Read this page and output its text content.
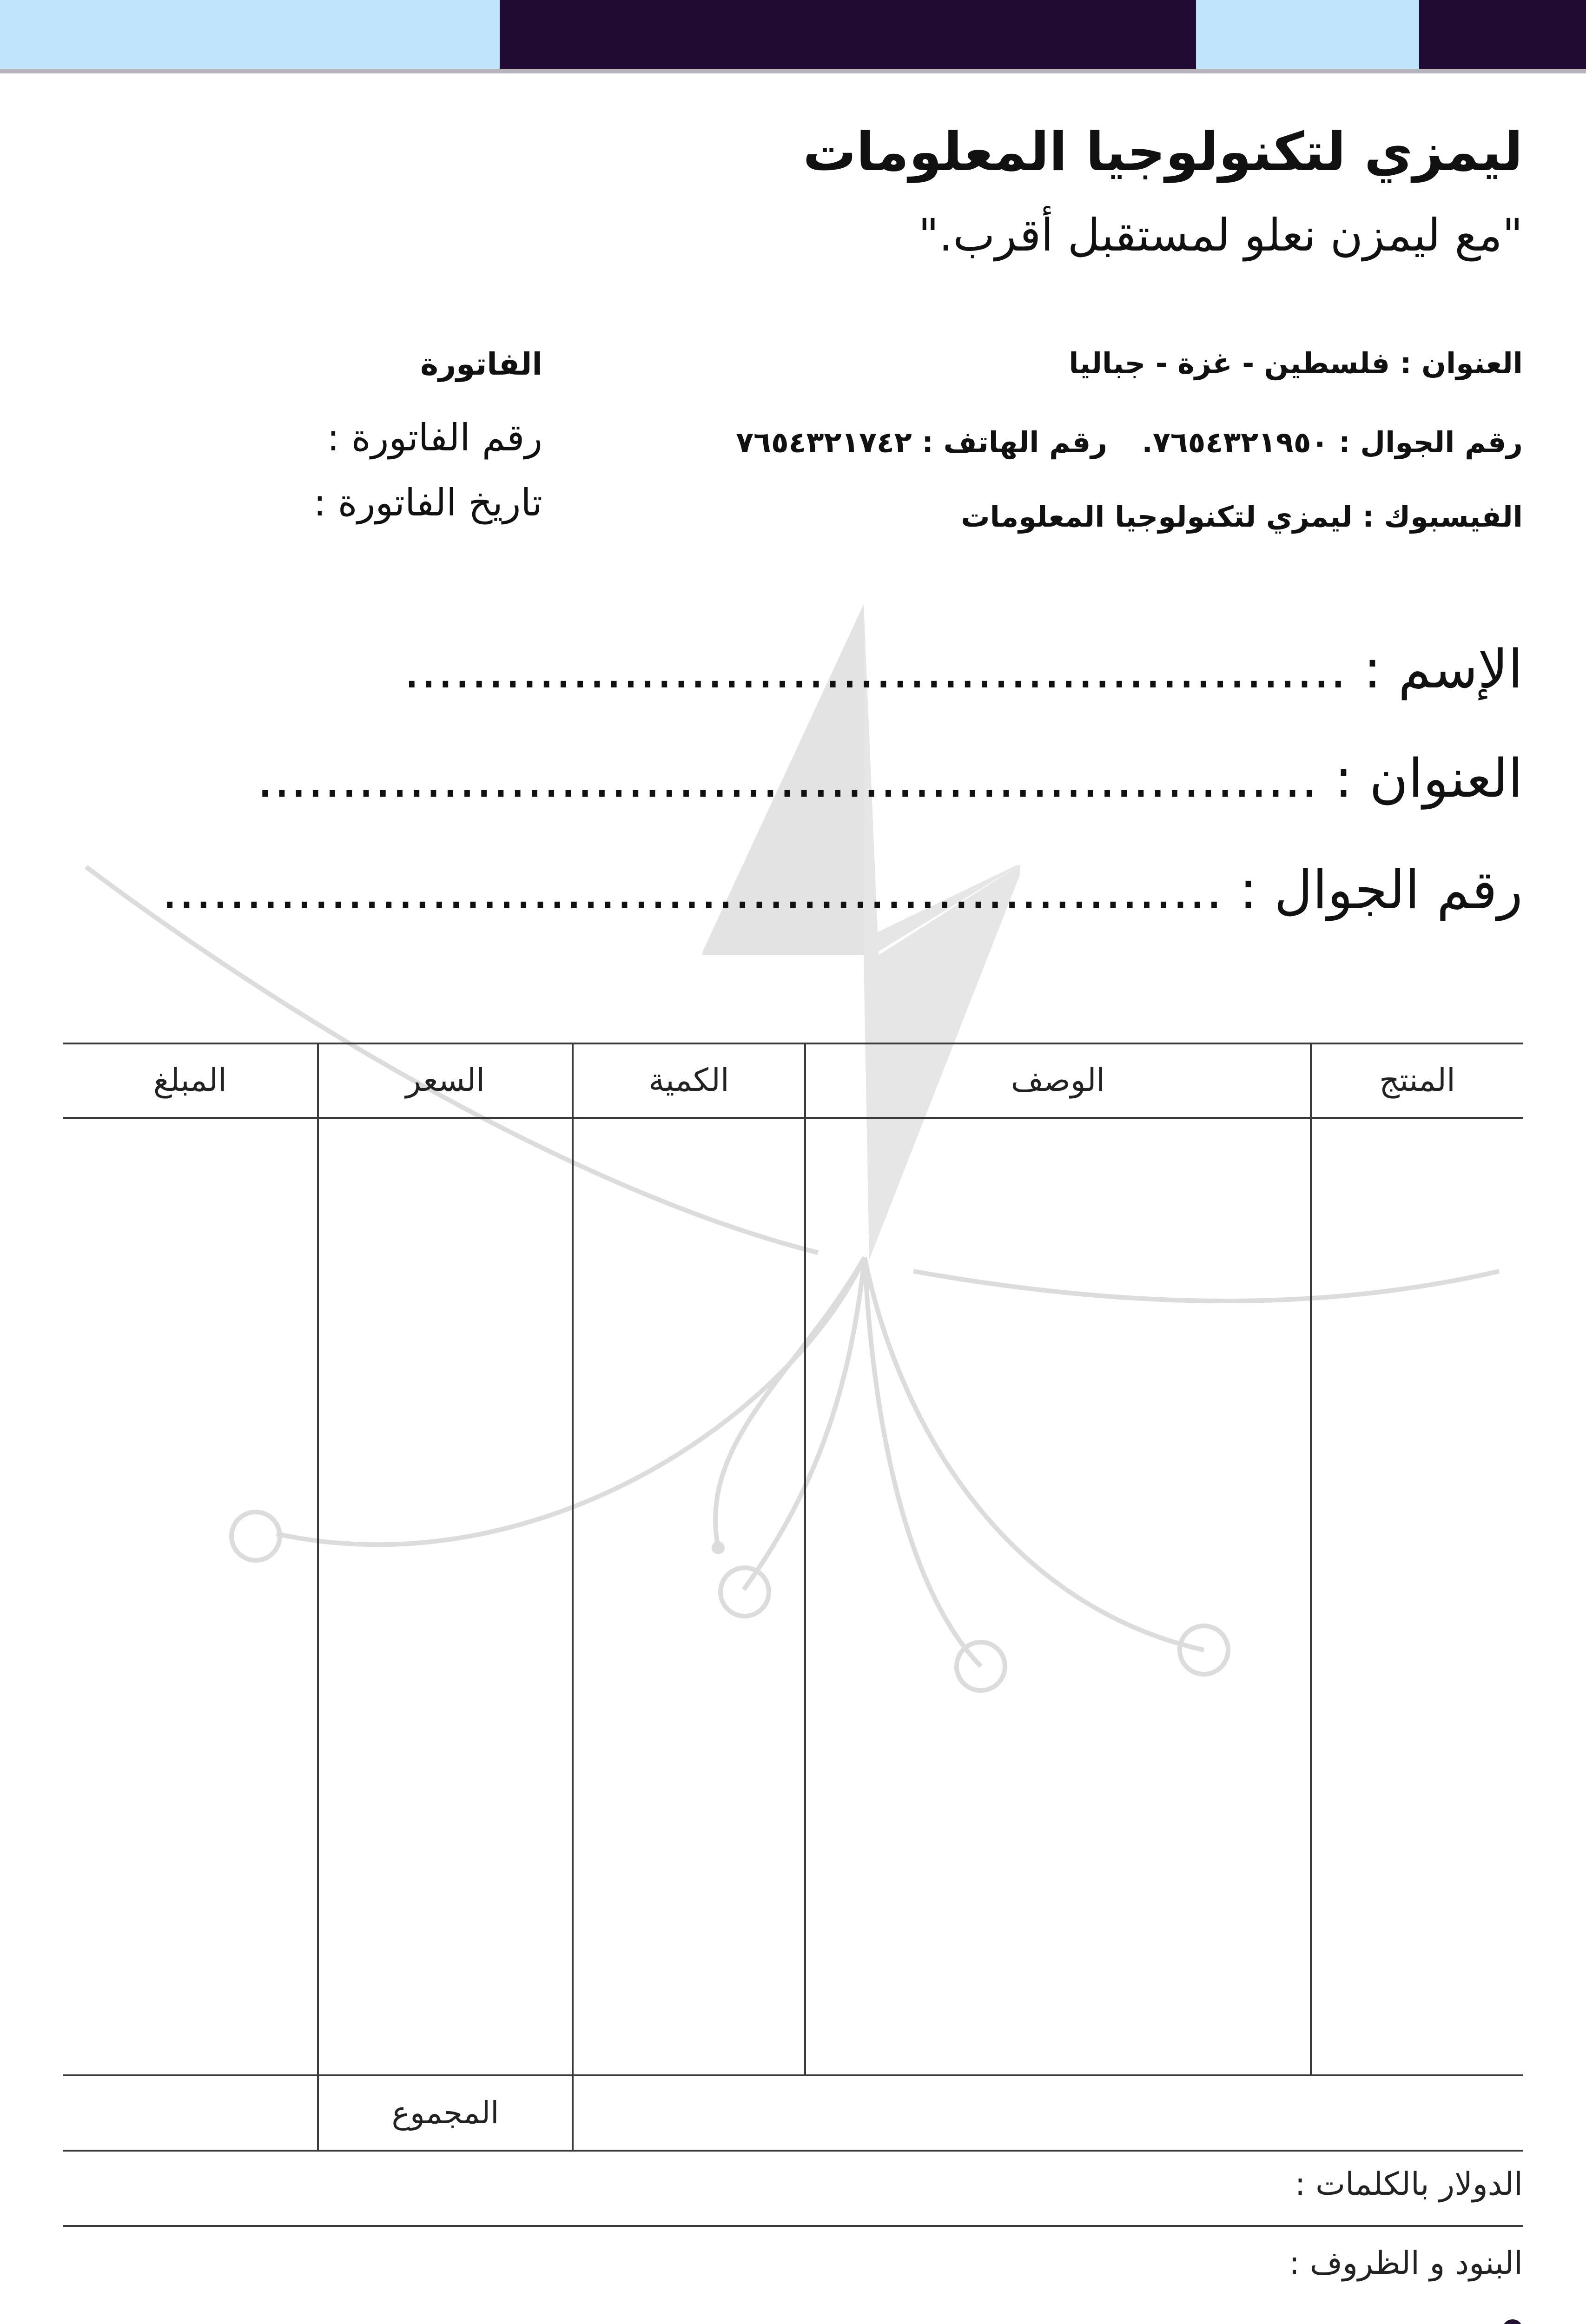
ليمزي لتكنولوجيا المعلومات
"مع ليمزن نعلو لمستقبل أقرب."
العنوان : فلسطين - غزة - جباليا
رقم الجوال : ٧٦٥٤٣٢١٩٥٠.
رقم الهاتف : ٧٦٥٤٣٢١٧٤٢
الفيسبوك : ليمزي لتكنولوجيا المعلومات
الفاتورة
رقم الفاتورة :
تاريخ الفاتورة :
الإسم : ........................................................
العنوان : ...............................................................
رقم الجوال : ...............................................................
المنتج
الوصف
الكمية
السعر
المبلغ
المجموع
الدولار بالكلمات :
البنود و الظروف :
